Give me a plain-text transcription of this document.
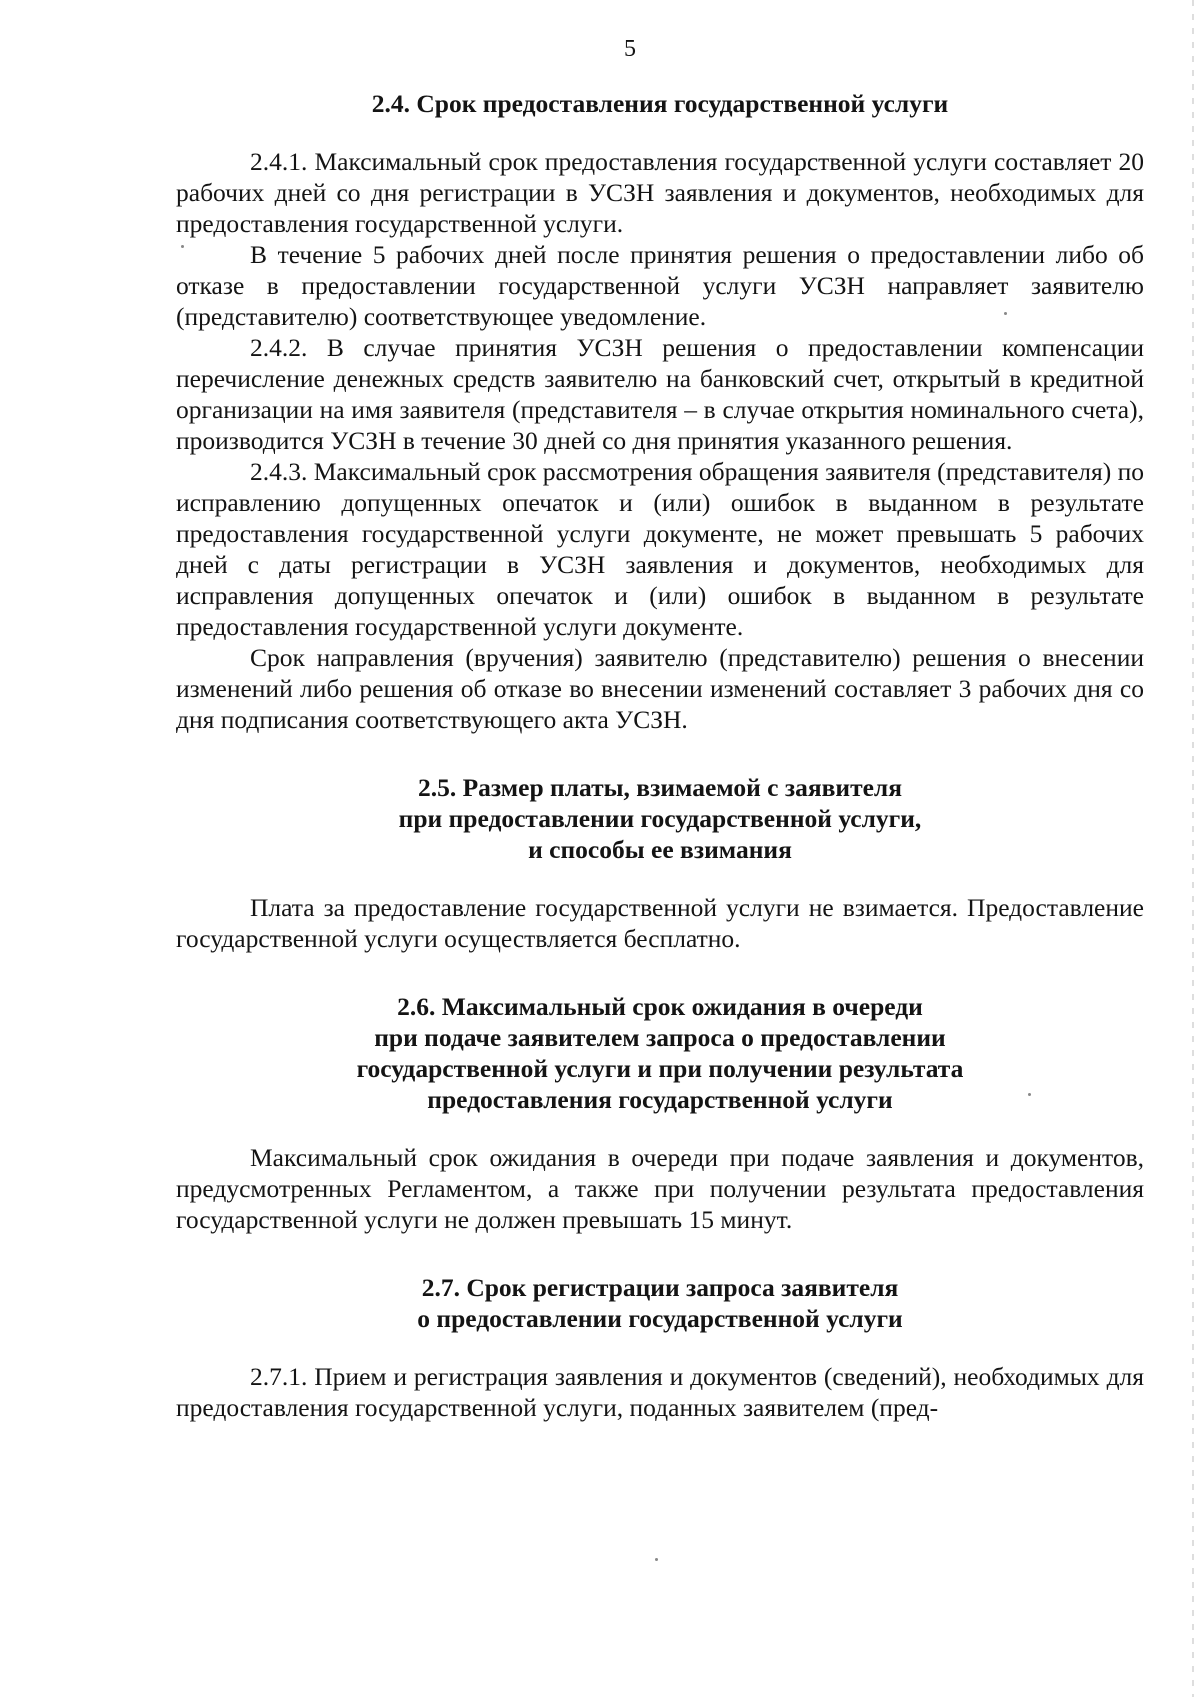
5
2.4. Срок предоставления государственной услуги

2.4.1. Максимальный срок предоставления государственной услуги составляет 20 рабочих дней со дня регистрации в УСЗН заявления и документов, необходимых для предоставления государственной услуги.

В течение 5 рабочих дней после принятия решения о предоставлении либо об отказе в предоставлении государственной услуги УСЗН направляет заявителю (представителю) соответствующее уведомление.

2.4.2. В случае принятия УСЗН решения о предоставлении компенсации перечисление денежных средств заявителю на банковский счет, открытый в кредитной организации на имя заявителя (представителя – в случае открытия номинального счета), производится УСЗН в течение 30 дней со дня принятия указанного решения.

2.4.3. Максимальный срок рассмотрения обращения заявителя (представителя) по исправлению допущенных опечаток и (или) ошибок в выданном в результате предоставления государственной услуги документе, не может превышать 5 рабочих дней с даты регистрации в УСЗН заявления и документов, необходимых для исправления допущенных опечаток и (или) ошибок в выданном в результате предоставления государственной услуги документе.

Срок направления (вручения) заявителю (представителю) решения о внесении изменений либо решения об отказе во внесении изменений составляет 3 рабочих дня со дня подписания соответствующего акта УСЗН.

2.5. Размер платы, взимаемой с заявителя
при предоставлении государственной услуги,
и способы ее взимания

Плата за предоставление государственной услуги не взимается. Предоставление государственной услуги осуществляется бесплатно.

2.6. Максимальный срок ожидания в очереди
при подаче заявителем запроса о предоставлении
государственной услуги и при получении результата
предоставления государственной услуги

Максимальный срок ожидания в очереди при подаче заявления и документов, предусмотренных Регламентом, а также при получении результата предоставления государственной услуги не должен превышать 15 минут.

2.7. Срок регистрации запроса заявителя
о предоставлении государственной услуги

2.7.1. Прием и регистрация заявления и документов (сведений), необходимых для предоставления государственной услуги, поданных заявителем (пред-
